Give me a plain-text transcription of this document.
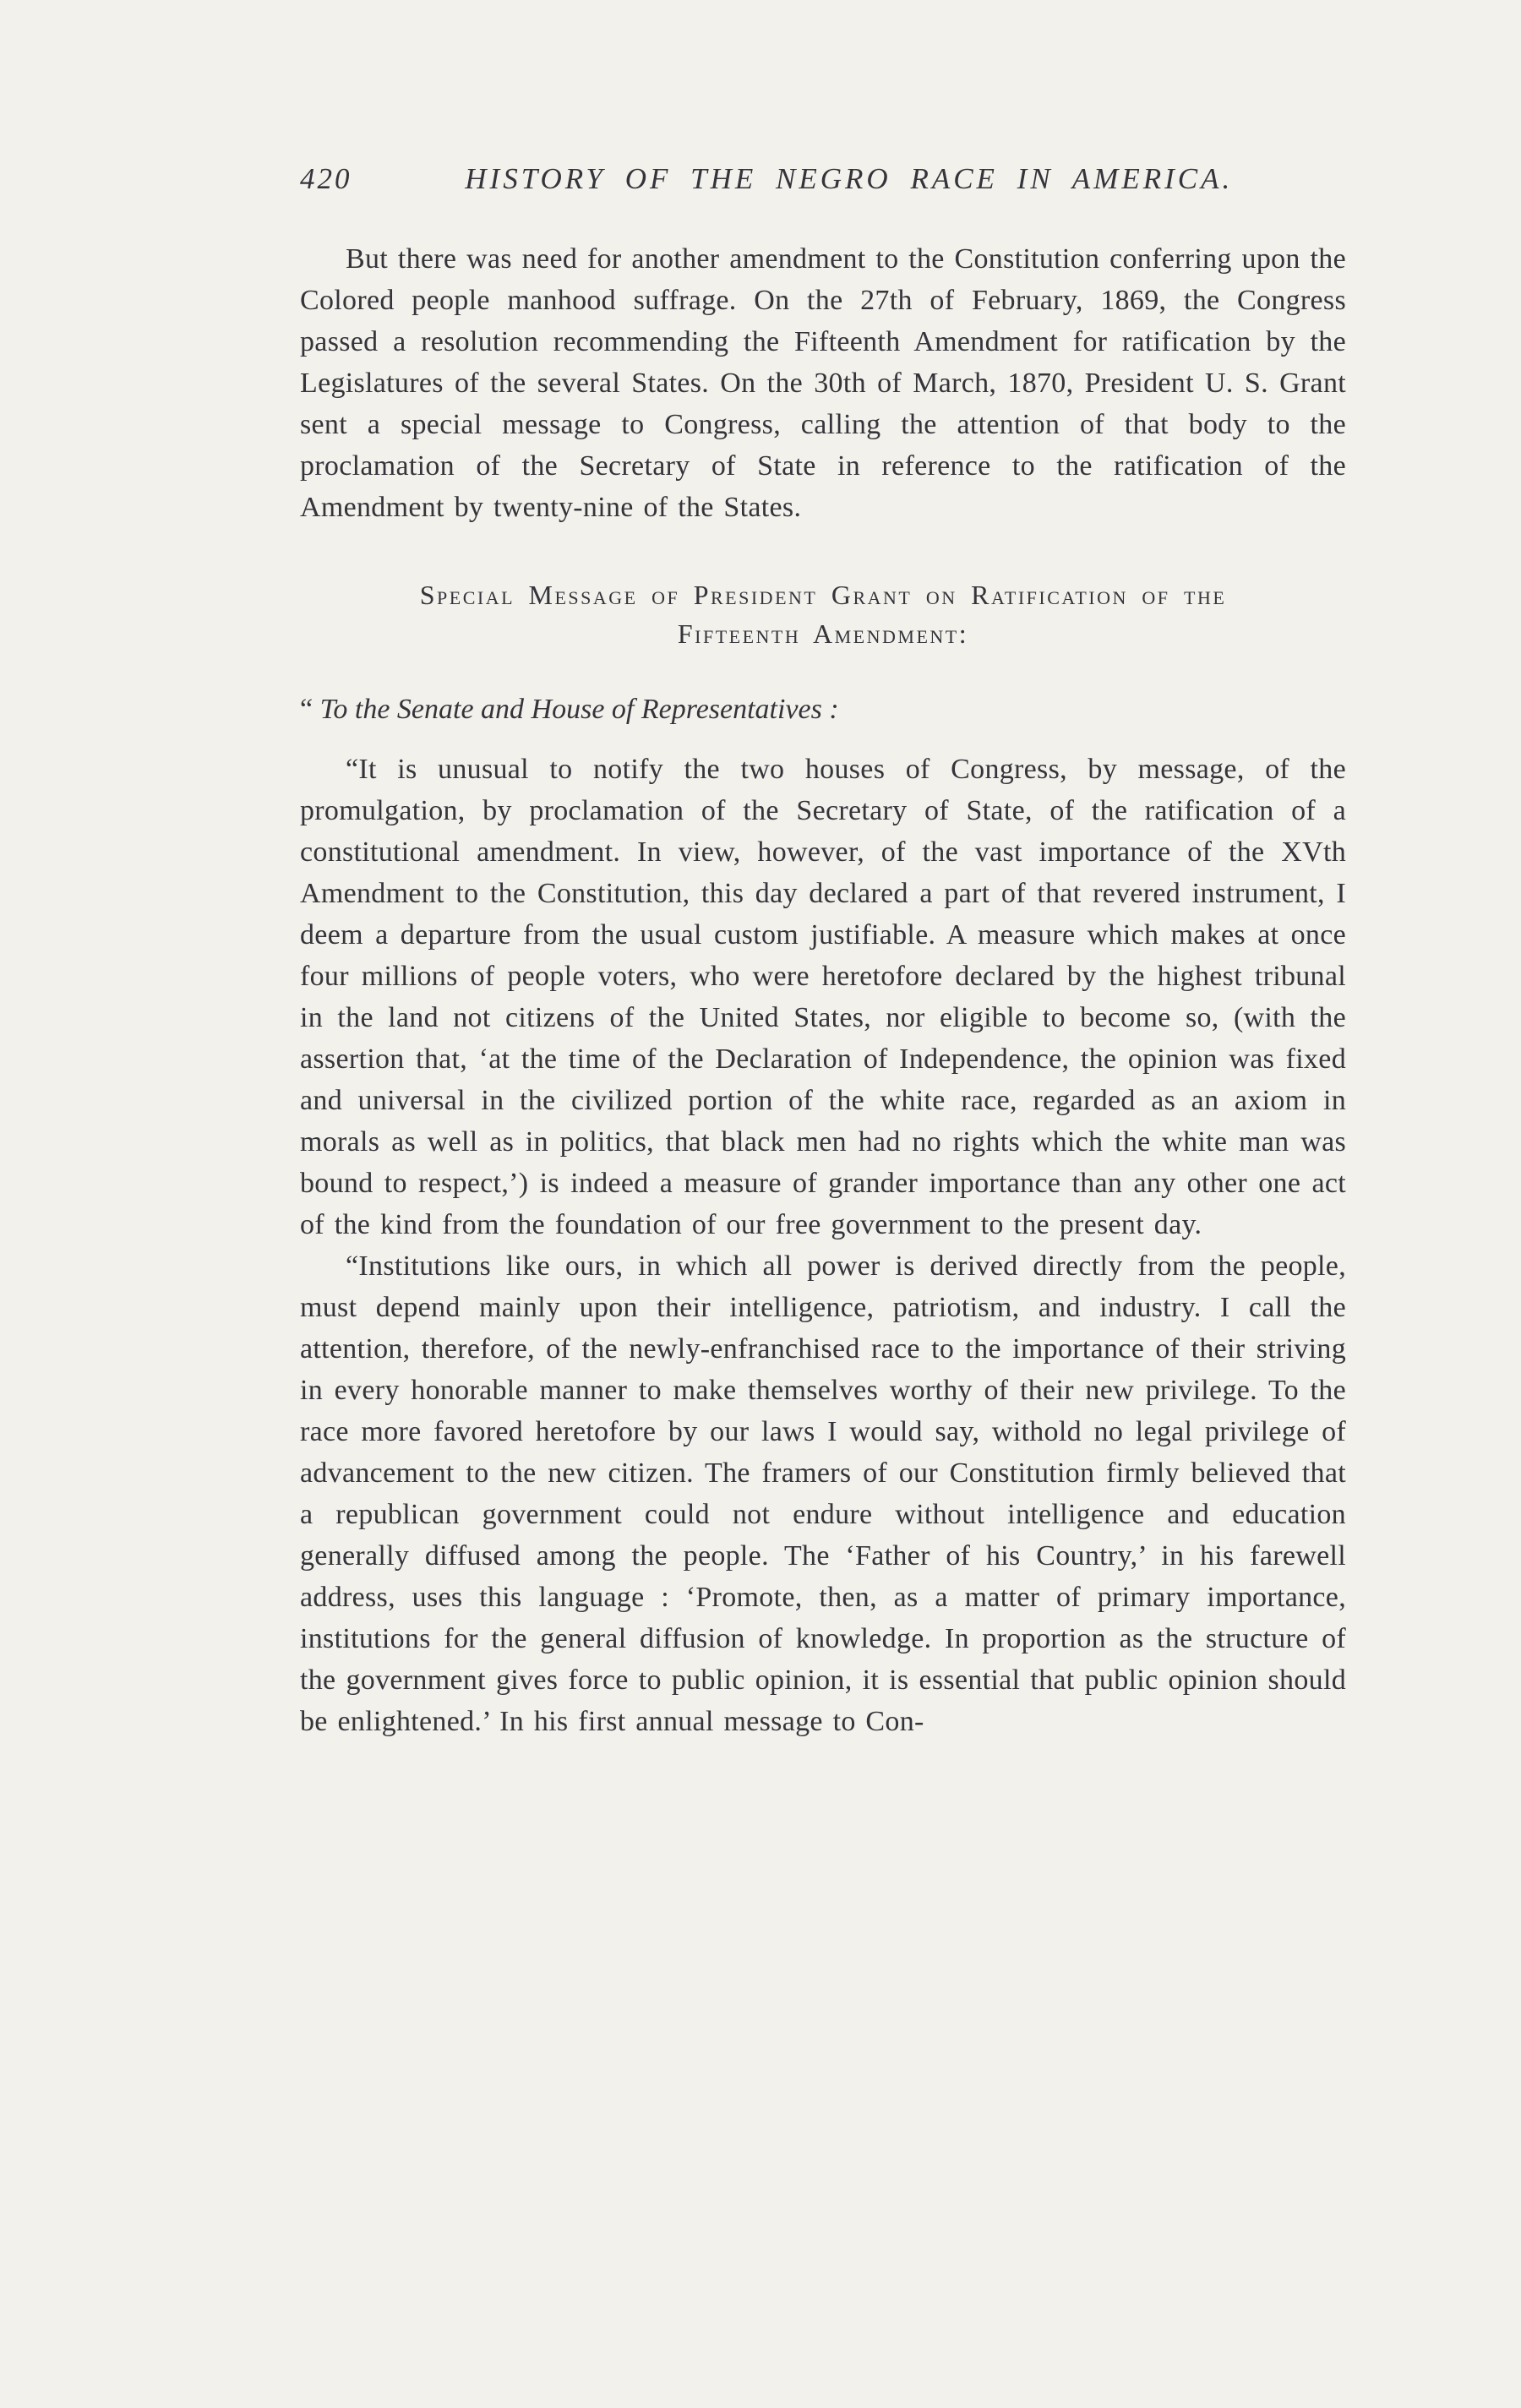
420	HISTORY OF THE NEGRO RACE IN AMERICA.

But there was need for another amendment to the Constitution conferring upon the Colored people manhood suffrage. On the 27th of February, 1869, the Congress passed a resolution recommending the Fifteenth Amendment for ratification by the Legislatures of the several States. On the 30th of March, 1870, President U. S. Grant sent a special message to Congress, calling the attention of that body to the proclamation of the Secretary of State in reference to the ratification of the Amendment by twenty-nine of the States.

Special Message of President Grant on Ratification of the
Fifteenth Amendment:

“ To the Senate and House of Representatives :

“It is unusual to notify the two houses of Congress, by message, of the promulgation, by proclamation of the Secretary of State, of the ratification of a constitutional amendment. In view, however, of the vast importance of the XVth Amendment to the Constitution, this day declared a part of that revered instrument, I deem a departure from the usual custom justifiable. A measure which makes at once four millions of people voters, who were heretofore declared by the highest tribunal in the land not citizens of the United States, nor eligible to become so, (with the assertion that, ‘at the time of the Declaration of Independence, the opinion was fixed and universal in the civilized portion of the white race, regarded as an axiom in morals as well as in politics, that black men had no rights which the white man was bound to respect,’) is indeed a measure of grander importance than any other one act of the kind from the foundation of our free government to the present day.

“Institutions like ours, in which all power is derived directly from the people, must depend mainly upon their intelligence, patriotism, and industry. I call the attention, therefore, of the newly-enfranchised race to the importance of their striving in every honorable manner to make themselves worthy of their new privilege. To the race more favored heretofore by our laws I would say, withold no legal privilege of advancement to the new citizen. The framers of our Constitution firmly believed that a republican government could not endure without intelligence and education generally diffused among the people. The ‘Father of his Country,’ in his farewell address, uses this language : ‘Promote, then, as a matter of primary importance, institutions for the general diffusion of knowledge. In proportion as the structure of the government gives force to public opinion, it is essential that public opinion should be enlightened.’ In his first annual message to Con-
